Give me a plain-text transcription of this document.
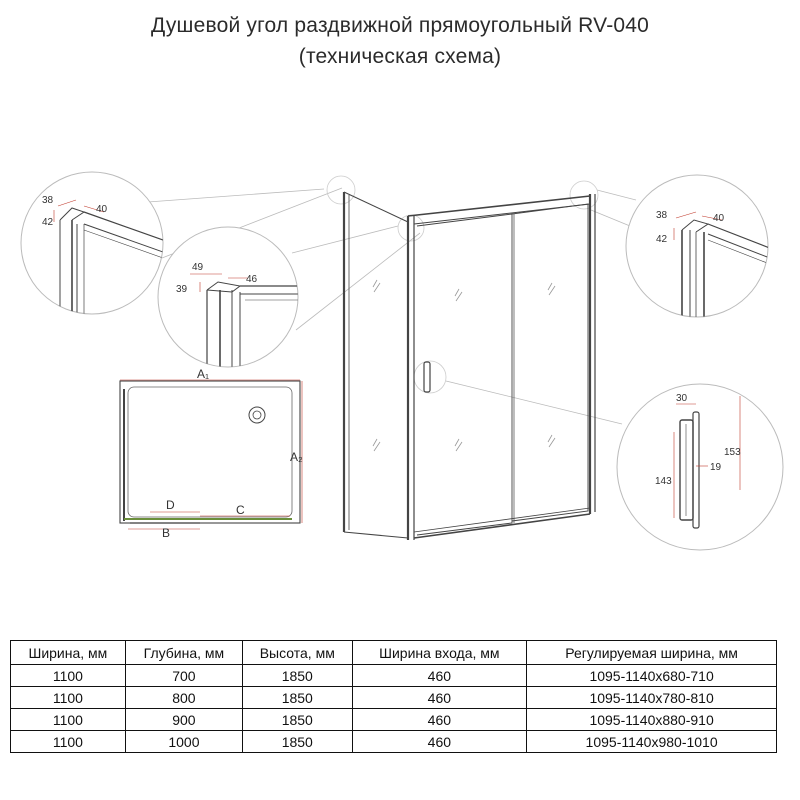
Душевой угол раздвижной прямоугольный RV-040
(техническая схема)
38
42
40
49
46
39
38
42
40
30
153
143
19
A₁
A₂
B
C
D
Ширина, мм	Глубина, мм	Высота, мм	Ширина входа, мм	Регулируемая ширина, мм
1100	700	1850	460	1095-1140х680-710
1100	800	1850	460	1095-1140х780-810
1100	900	1850	460	1095-1140х880-910
1100	1000	1850	460	1095-1140х980-1010
